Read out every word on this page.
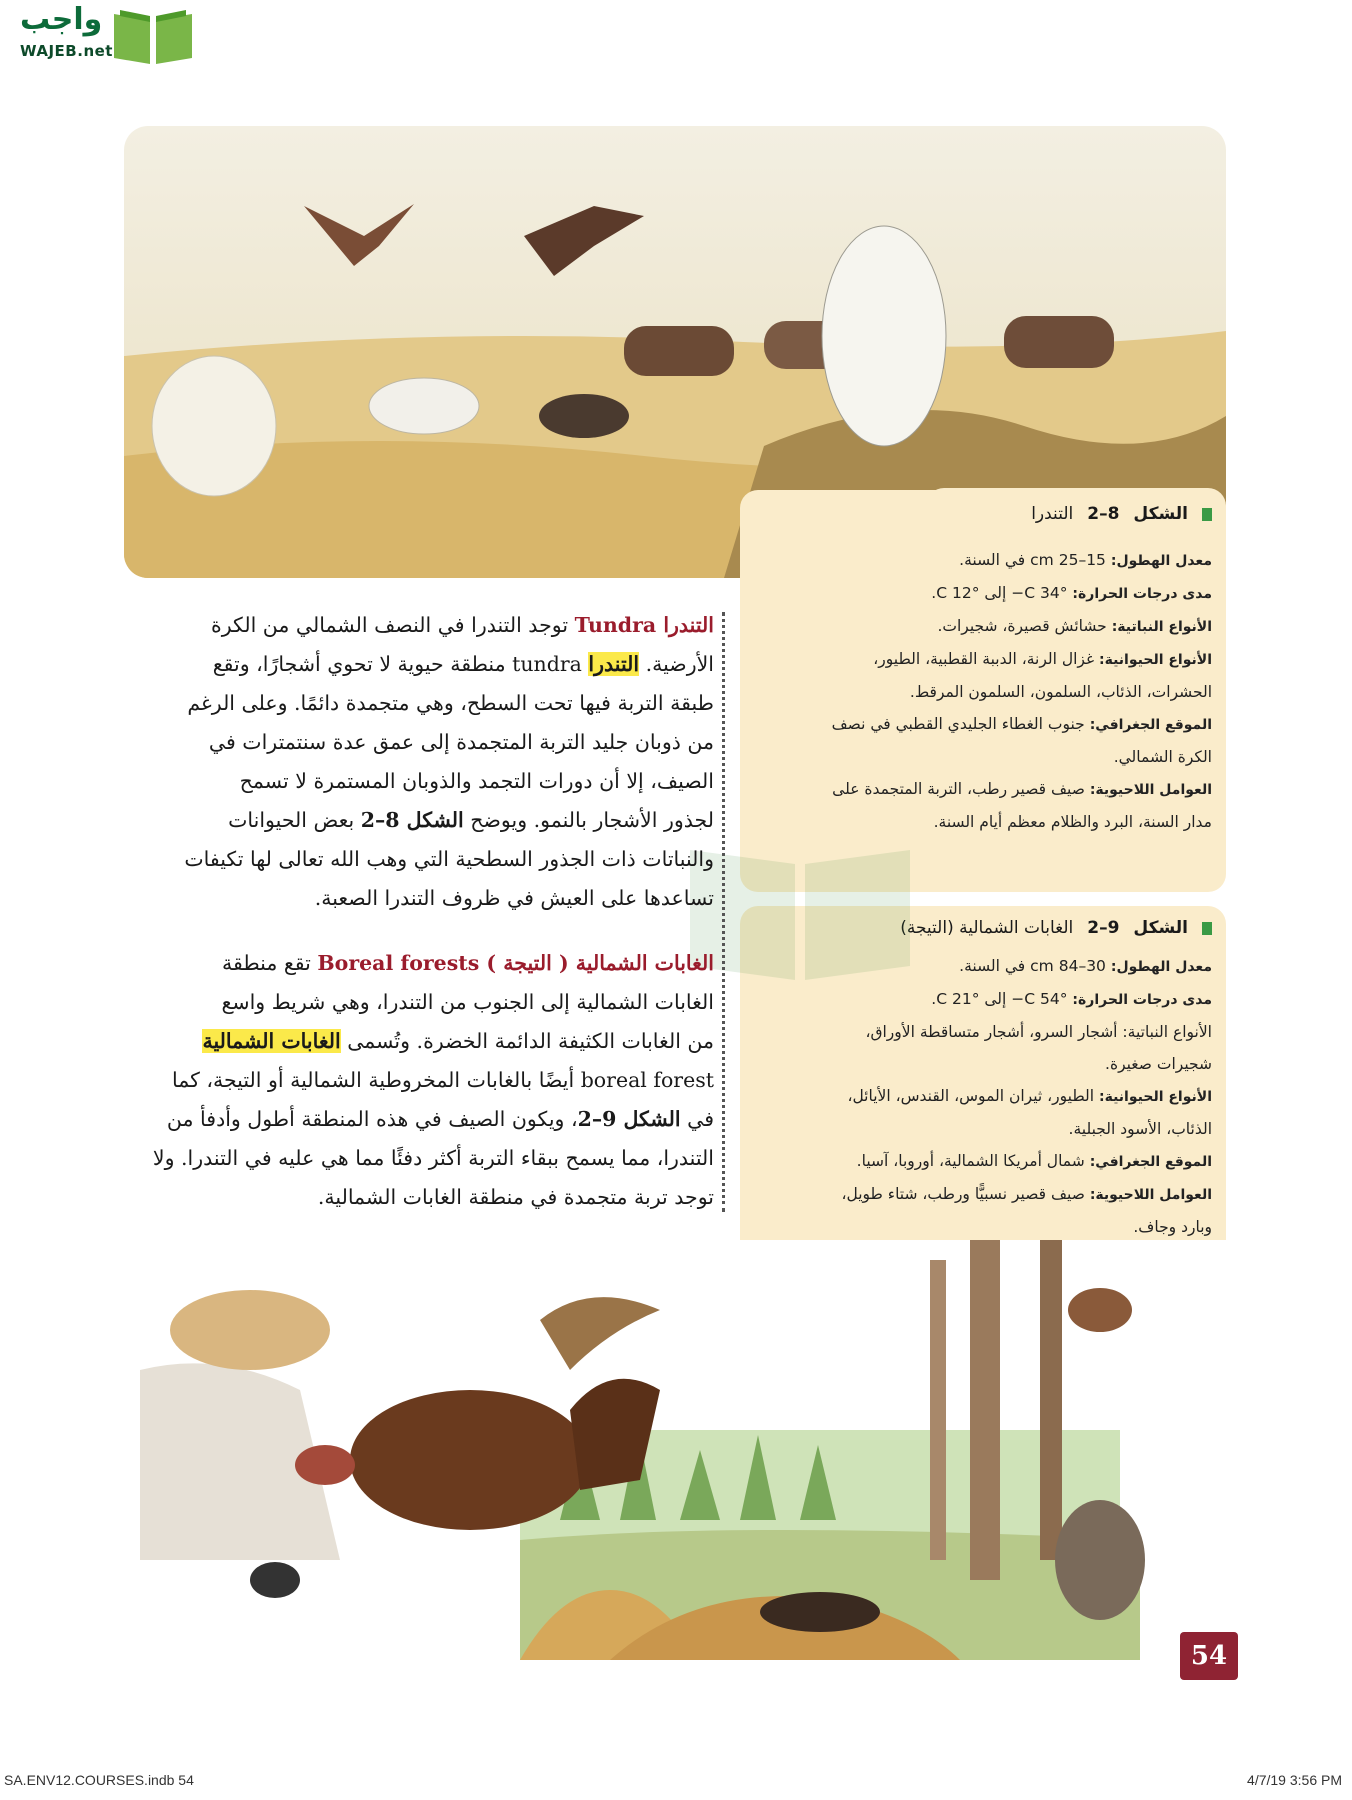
واجب
WAJEB.net
الشكل
8–2
التندرا
معدل الهطول: 15–25 cm في السنة.
مدى درجات الحرارة: °C 34− إلى °C 12.
الأنواع النباتية: حشائش قصيرة، شجيرات.
الأنواع الحيوانية: غزال الرنة، الدببة القطبية، الطيور،
الحشرات، الذئاب، السلمون، السلمون المرقط.
الموقع الجغرافي: جنوب الغطاء الجليدي القطبي في نصف
الكرة الشمالي.
العوامل اللاحيوية: صيف قصير رطب، التربة المتجمدة على
مدار السنة، البرد والظلام معظم أيام السنة.
الشكل
9–2
الغابات الشمالية (التيجة)
معدل الهطول: 30–84 cm في السنة.
مدى درجات الحرارة: °C 54− إلى °C 21.
الأنواع النباتية: أشجار السرو، أشجار متساقطة الأوراق،
شجيرات صغيرة.
الأنواع الحيوانية: الطيور، ثيران الموس، القندس، الأيائل،
الذئاب، الأسود الجبلية.
الموقع الجغرافي: شمال أمريكا الشمالية، أوروبا، آسيا.
العوامل اللاحيوية: صيف قصير نسبيًّا ورطب، شتاء طويل،
وبارد وجاف.
التندرا Tundra توجد التندرا في النصف الشمالي من الكرة
الأرضية. التندرا tundra منطقة حيوية لا تحوي أشجارًا، وتقع
طبقة التربة فيها تحت السطح، وهي متجمدة دائمًا. وعلى الرغم
من ذوبان جليد التربة المتجمدة إلى عمق عدة سنتمترات في
الصيف، إلا أن دورات التجمد والذوبان المستمرة لا تسمح
لجذور الأشجار بالنمو. ويوضح الشكل 8–2 بعض الحيوانات
والنباتات ذات الجذور السطحية التي وهب الله تعالى لها تكيفات
تساعدها على العيش في ظروف التندرا الصعبة.
الغابات الشمالية ( التيجة ) Boreal forests تقع منطقة
الغابات الشمالية إلى الجنوب من التندرا، وهي شريط واسع
من الغابات الكثيفة الدائمة الخضرة. وتُسمى الغابات الشمالية
boreal forest أيضًا بالغابات المخروطية الشمالية أو التيجة، كما
في الشكل 9–2، ويكون الصيف في هذه المنطقة أطول وأدفأ من
التندرا، مما يسمح ببقاء التربة أكثر دفئًا مما هي عليه في التندرا. ولا
توجد تربة متجمدة في منطقة الغابات الشمالية.
54
SA.ENV12.COURSES.indb 54	4/7/19 3:56 PM
